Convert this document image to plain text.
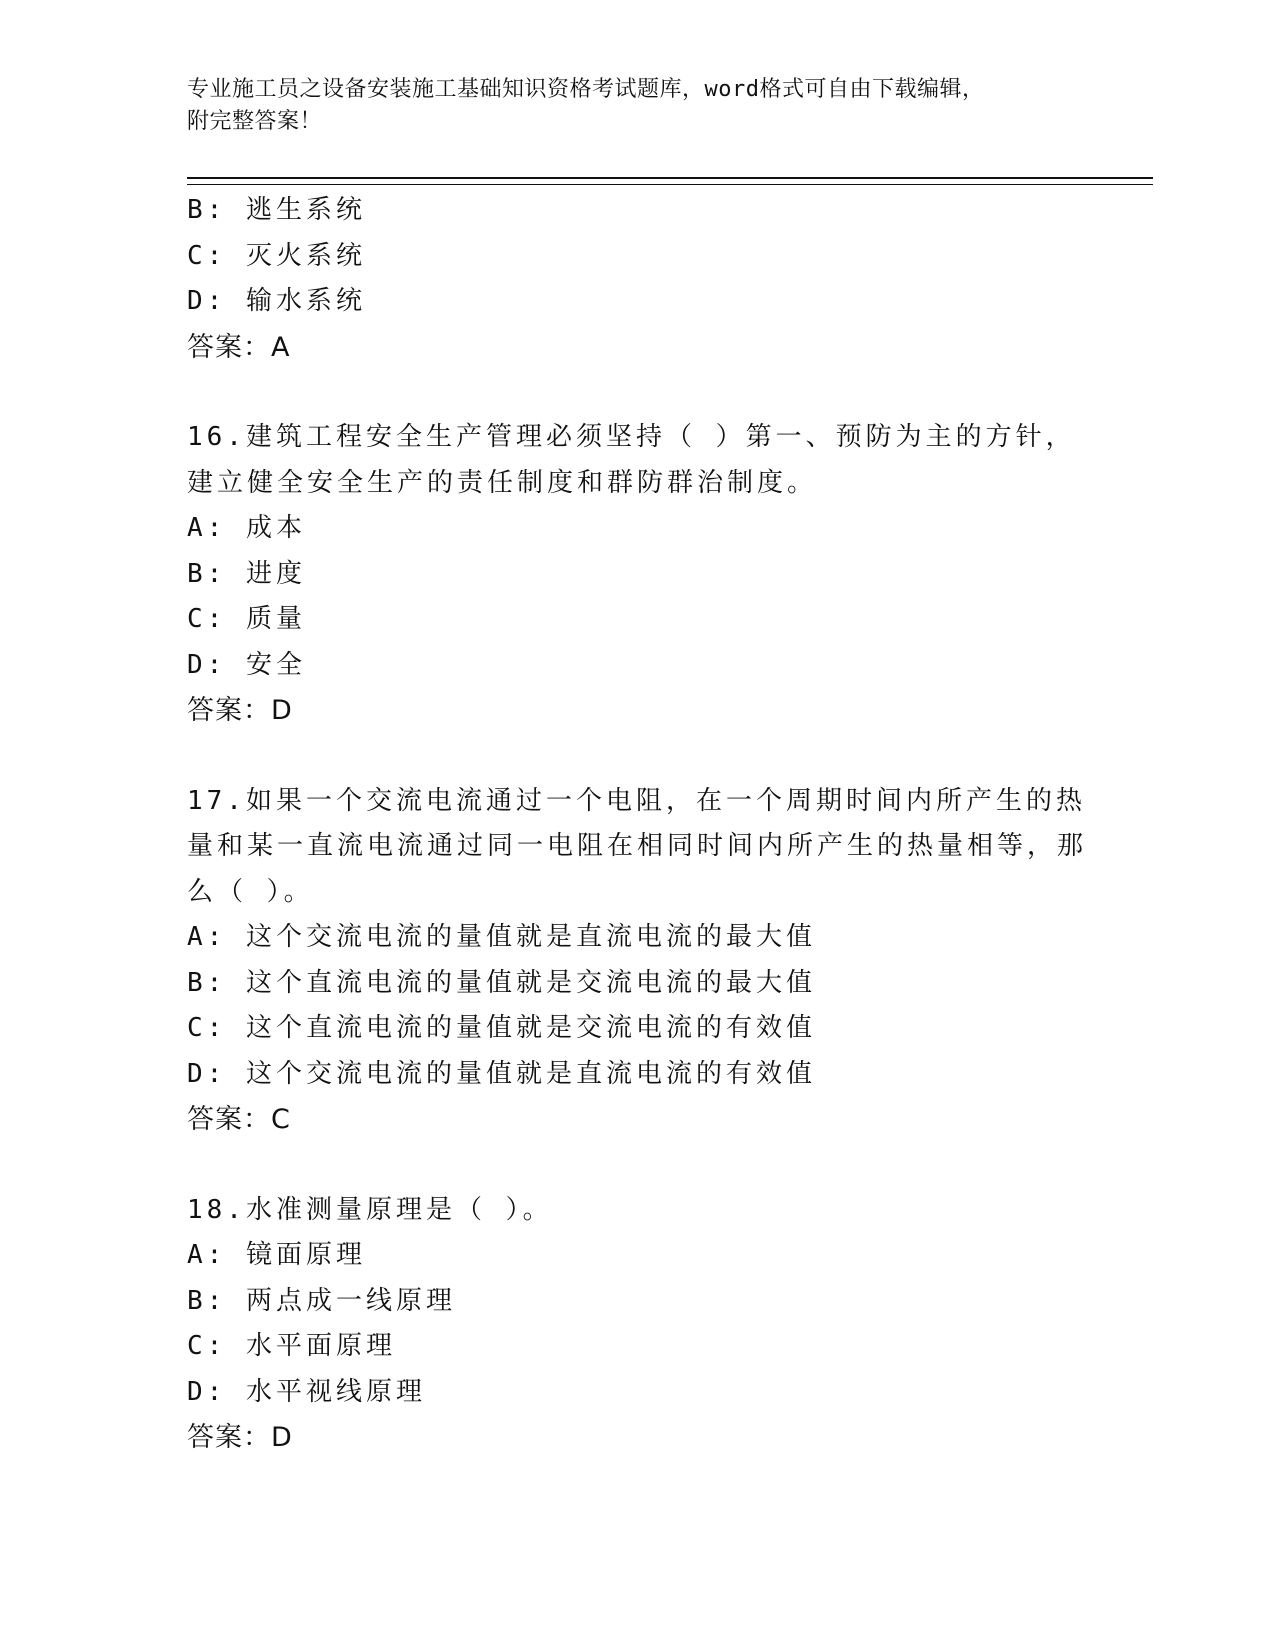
专业施工员之设备安装施工基础知识资格考试题库，word格式可自由下载编辑，
附完整答案！
B: 逃生系统
C: 灭火系统
D: 输水系统
答案：A
16.建筑工程安全生产管理必须坚持（ ）第一、预防为主的方针，建立健全安全生产的责任制度和群防群治制度。
A: 成本
B: 进度
C: 质量
D: 安全
答案：D
17.如果一个交流电流通过一个电阻，在一个周期时间内所产生的热量和某一直流电流通过同一电阻在相同时间内所产生的热量相等，那么（ ）。
A: 这个交流电流的量值就是直流电流的最大值
B: 这个直流电流的量值就是交流电流的最大值
C: 这个直流电流的量值就是交流电流的有效值
D: 这个交流电流的量值就是直流电流的有效值
答案：C
18.水准测量原理是（ ）。
A: 镜面原理
B: 两点成一线原理
C: 水平面原理
D: 水平视线原理
答案：D
